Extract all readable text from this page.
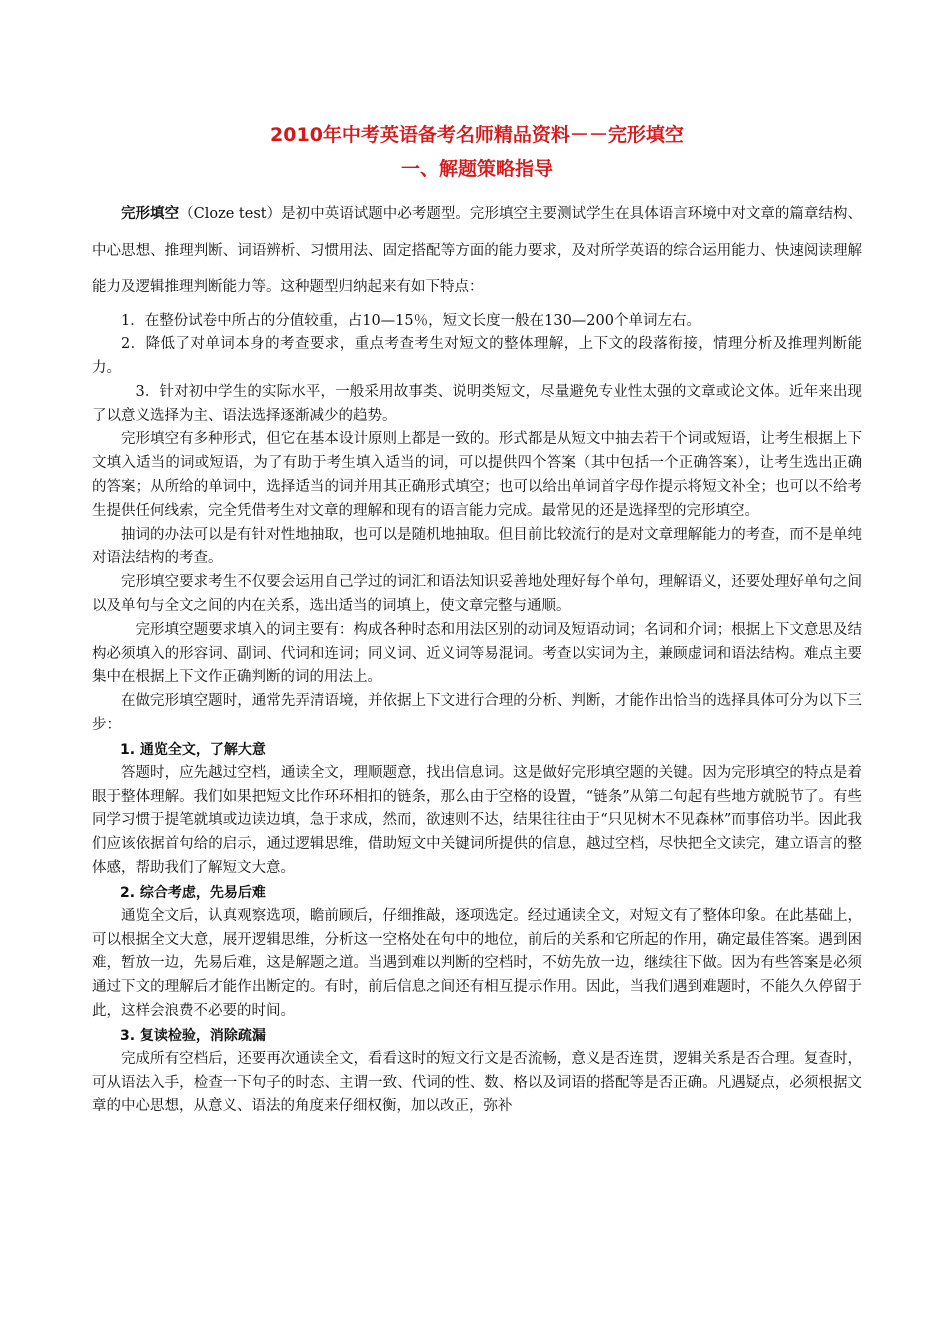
2010年中考英语备考名师精品资料－－完形填空

一、解题策略指导

完形填空（Cloze test）是初中英语试题中必考题型。完形填空主要测试学生在具体语言环境中对文章的篇章结构、中心思想、推理判断、词语辨析、习惯用法、固定搭配等方面的能力要求，及对所学英语的综合运用能力、快速阅读理解能力及逻辑推理判断能力等。这种题型归纳起来有如下特点：

1．在整份试卷中所占的分值较重，占10—15％，短文长度一般在130—200个单词左右。

2．降低了对单词本身的考查要求，重点考查考生对短文的整体理解，上下文的段落衔接，情理分析及推理判断能力。

3．针对初中学生的实际水平，一般采用故事类、说明类短文，尽量避免专业性太强的文章或论文体。近年来出现了以意义选择为主、语法选择逐渐减少的趋势。

完形填空有多种形式，但它在基本设计原则上都是一致的。形式都是从短文中抽去若干个词或短语，让考生根据上下文填入适当的词或短语，为了有助于考生填入适当的词，可以提供四个答案（其中包括一个正确答案），让考生选出正确的答案；从所给的单词中，选择适当的词并用其正确形式填空；也可以给出单词首字母作提示将短文补全；也可以不给考生提供任何线索，完全凭借考生对文章的理解和现有的语言能力完成。最常见的还是选择型的完形填空。

抽词的办法可以是有针对性地抽取，也可以是随机地抽取。但目前比较流行的是对文章理解能力的考查，而不是单纯对语法结构的考查。

完形填空要求考生不仅要会运用自己学过的词汇和语法知识妥善地处理好每个单句，理解语义，还要处理好单句之间以及单句与全文之间的内在关系，选出适当的词填上，使文章完整与通顺。

完形填空题要求填入的词主要有：构成各种时态和用法区别的动词及短语动词；名词和介词；根据上下文意思及结构必须填入的形容词、副词、代词和连词；同义词、近义词等易混词。考查以实词为主，兼顾虚词和语法结构。难点主要集中在根据上下文作正确判断的词的用法上。

在做完形填空题时，通常先弄清语境，并依据上下文进行合理的分析、判断，才能作出恰当的选择具体可分为以下三步：

1. 通览全文，了解大意

答题时，应先越过空档，通读全文，理顺题意，找出信息词。这是做好完形填空题的关键。因为完形填空的特点是着眼于整体理解。我们如果把短文比作环环相扣的链条，那么由于空格的设置，“链条”从第二句起有些地方就脱节了。有些同学习惯于提笔就填或边读边填，急于求成，然而，欲速则不达，结果往往由于“只见树木不见森林”而事倍功半。因此我们应该依据首句给的启示，通过逻辑思维，借助短文中关键词所提供的信息，越过空档，尽快把全文读完，建立语言的整体感，帮助我们了解短文大意。

2. 综合考虑，先易后难

通览全文后，认真观察选项，瞻前顾后，仔细推敲，逐项选定。经过通读全文，对短文有了整体印象。在此基础上，可以根据全文大意，展开逻辑思维，分析这一空格处在句中的地位，前后的关系和它所起的作用，确定最佳答案。遇到困难，暂放一边，先易后难，这是解题之道。当遇到难以判断的空档时，不妨先放一边，继续往下做。因为有些答案是必须通过下文的理解后才能作出断定的。有时，前后信息之间还有相互提示作用。因此，当我们遇到难题时，不能久久停留于此，这样会浪费不必要的时间。

3. 复读检验，消除疏漏

完成所有空档后，还要再次通读全文，看看这时的短文行文是否流畅，意义是否连贯，逻辑关系是否合理。复查时，可从语法入手，检查一下句子的时态、主谓一致、代词的性、数、格以及词语的搭配等是否正确。凡遇疑点，必须根据文章的中心思想，从意义、语法的角度来仔细权衡，加以改正，弥补
